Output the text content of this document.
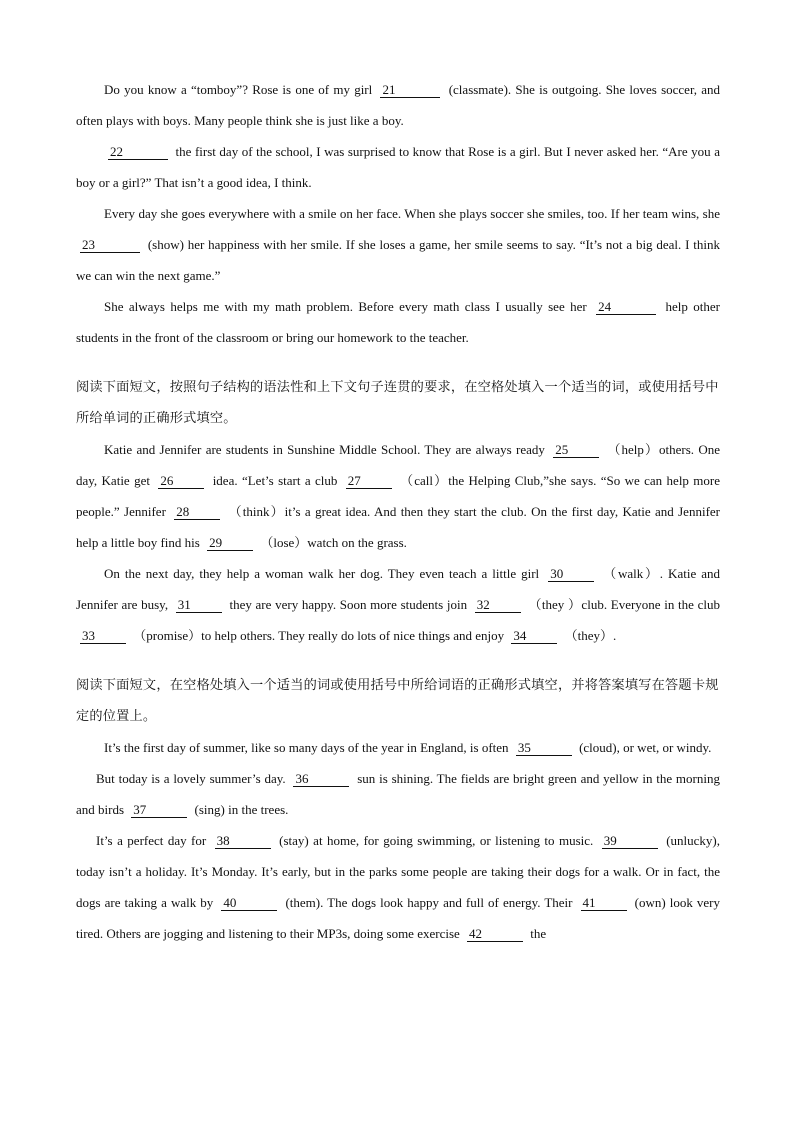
Do you know a “tomboy”? Rose is one of my girl 21	(classmate). She is outgoing. She loves soccer, and often plays with boys. Many people think she is just like a boy.

22	the first day of the school, I was surprised to know that Rose is a girl. But I never asked her. “Are you a boy or a girl?” That isn’t a good idea, I think.

Every day she goes everywhere with a smile on her face. When she plays soccer she smiles, too. If her team wins, she 23	(show) her happiness with her smile. If she loses a game, her smile seems to say. “It’s not a big deal. I think we can win the next game.”

She always helps me with my math problem. Before every math class I usually see her 24	help other students in the front of the classroom or bring our homework to the teacher.

阅读下面短文，按照句子结构的语法性和上下文句子连贯的要求，在空格处填入一个适当的词，或使用括号中所给单词的正确形式填空。

Katie and Jennifer are students in Sunshine Middle School. They are always ready 25	（help）others. One day, Katie get 26	idea. “Let’s start a club 27	（call）the Helping Club,”she says. “So we can help more people.” Jennifer 28	（think）it’s a great idea. And then they start the club. On the first day, Katie and Jennifer help a little boy find his 29	（lose）watch on the grass.

On the next day, they help a woman walk her dog. They even teach a little girl 30	（walk）. Katie and Jennifer are busy, 31	they are very happy. Soon more students join 32	（they ）club. Everyone in the club 33	（promise）to help others. They really do lots of nice things and enjoy 34	（they）.

阅读下面短文，在空格处填入一个适当的词或使用括号中所给词语的正确形式填空，并将答案填写在答题卡规定的位置上。

It’s the first day of summer, like so many days of the year in England, is often 35	(cloud), or wet, or windy.

But today is a lovely summer’s day. 36	sun is shining. The fields are bright green and yellow in the morning and birds 37	(sing) in the trees.

It’s a perfect day for 38	(stay) at home, for going swimming, or listening to music. 39	(unlucky), today isn’t a holiday. It’s Monday. It’s early, but in the parks some people are taking their dogs for a walk. Or in fact, the dogs are taking a walk by 40	(them). The dogs look happy and full of energy. Their 41	(own) look very tired. Others are jogging and listening to their MP3s, doing some exercise 42	the
